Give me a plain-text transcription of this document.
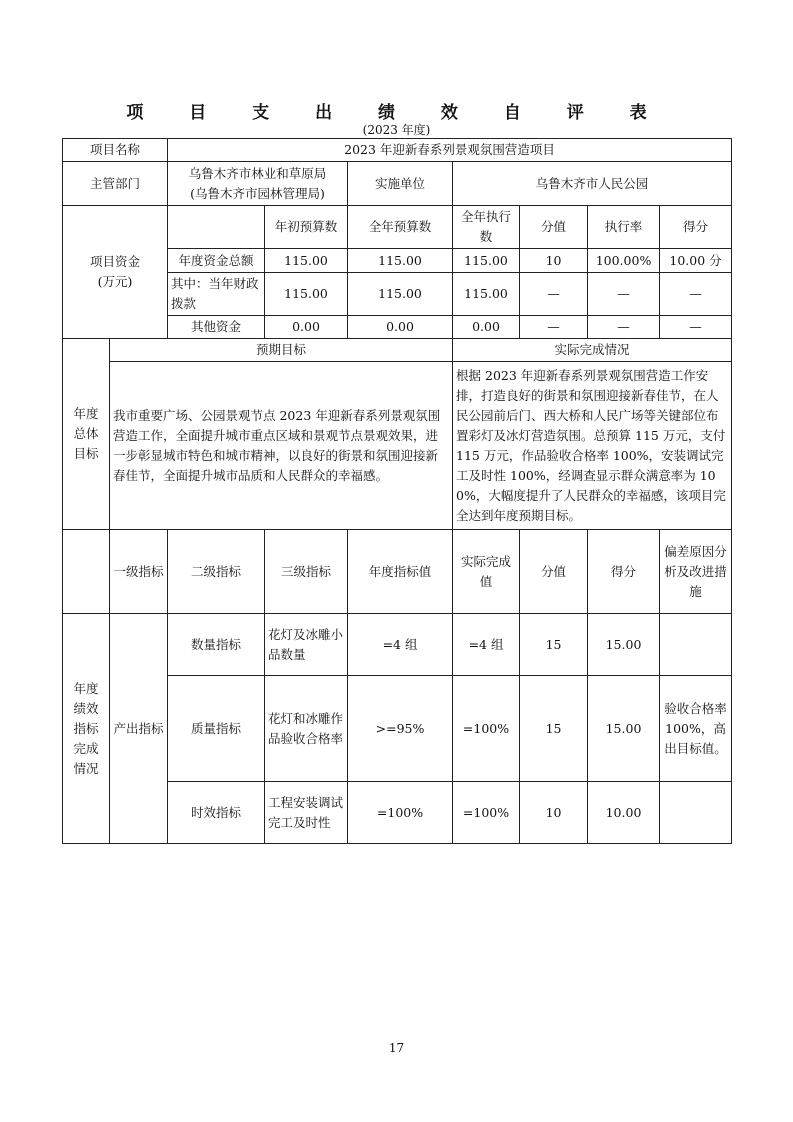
项 目 支 出 绩 效 自 评 表
(2023 年度)
项目名称		2023 年迎新春系列景观氛围营造项目						
主管部门		乌鲁木齐市林业和草原局
(乌鲁木齐市园林管理局)		实施单位	乌鲁木齐市人民公园			
项目资金
(万元)			年初预算数	全年预算数	全年执行数	分值	执行率	得分
		年度资金总额	115.00	115.00	115.00	10	100.00%	10.00 分
		其中：当年财政拨款	115.00	115.00	115.00	—	—	—
		其他资金	0.00	0.00	0.00	—	—	—
年度
总体
目标	预期目标				实际完成情况			
	我市重要广场、公园景观节点 2023 年迎新春系列景观氛围营造工作，全面提升城市重点区域和景观节点景观效果，进一步彰显城市特色和城市精神，以良好的街景和氛围迎接新春佳节，全面提升城市品质和人民群众的幸福感。				根据 2023 年迎新春系列景观氛围营造工作安排，打造良好的街景和氛围迎接新春佳节，在人民公园前后门、西大桥和人民广场等关键部位布置彩灯及冰灯营造氛围。总预算 115 万元，支付 115 万元，作品验收合格率 100%，安装调试完工及时性 100%，经调查显示群众满意率为 100%，大幅度提升了人民群众的幸福感，该项目完全达到年度预期目标。			
	一级指标	二级指标	三级指标	年度指标值	实际完成值	分值	得分	偏差原因分析及改进措施
年度
绩效
指标
完成
情况	产出指标	数量指标	花灯及冰雕小品数量	=4 组	=4 组	15	15.00	
		质量指标	花灯和冰雕作品验收合格率	>=95%	=100%	15	15.00	验收合格率 100%，高出目标值。
		时效指标	工程安装调试完工及时性	=100%	=100%	10	10.00	
17
